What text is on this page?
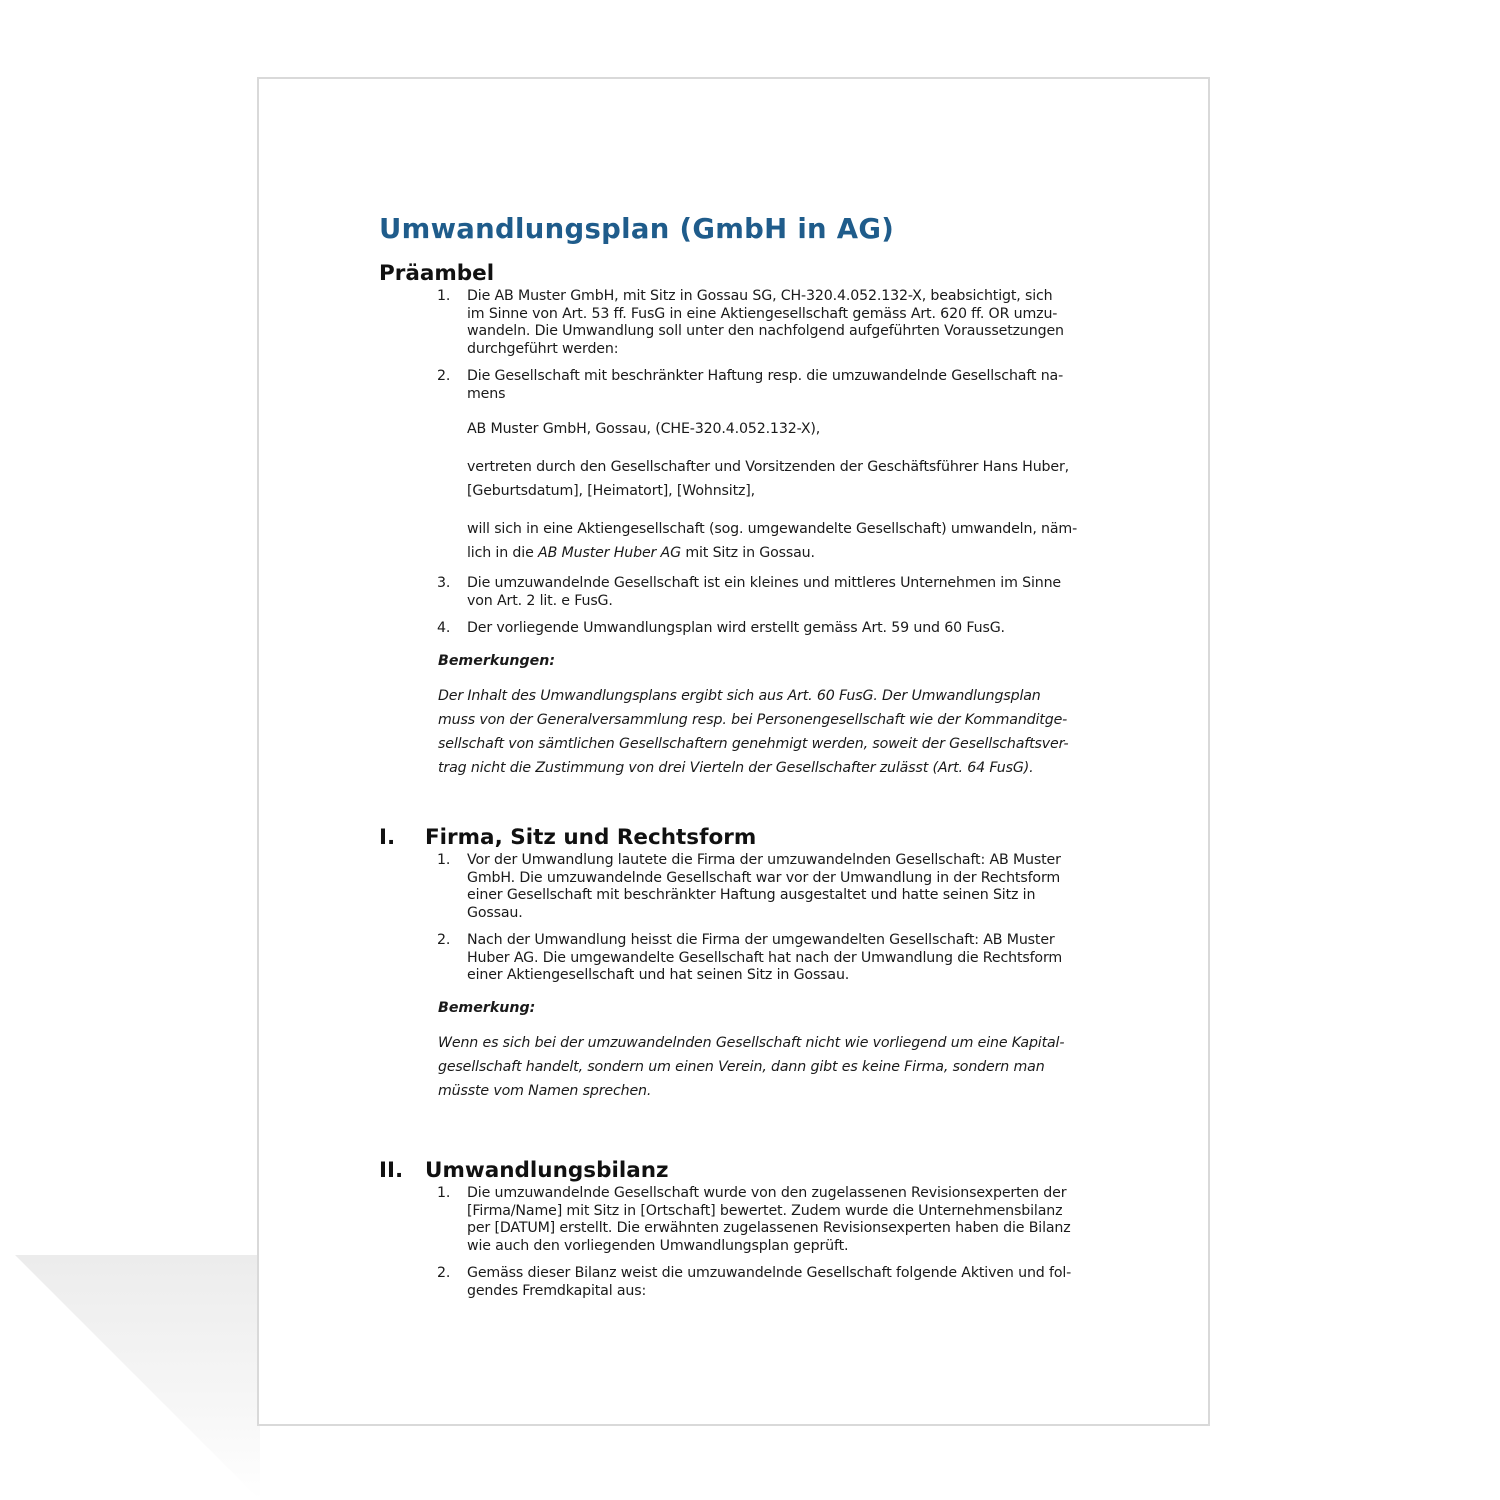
Umwandlungsplan (GmbH in AG)
Präambel
1. Die AB Muster GmbH, mit Sitz in Gossau SG, CH-320.4.052.132-X, beabsichtigt, sich
im Sinne von Art. 53 ff. FusG in eine Aktiengesellschaft gemäss Art. 620 ff. OR umzu-
wandeln. Die Umwandlung soll unter den nachfolgend aufgeführten Voraussetzungen
durchgeführt werden:
2. Die Gesellschaft mit beschränkter Haftung resp. die umzuwandelnde Gesellschaft na-
mens
AB Muster GmbH, Gossau, (CHE-320.4.052.132-X),
vertreten durch den Gesellschafter und Vorsitzenden der Geschäftsführer Hans Huber,
[Geburtsdatum], [Heimatort], [Wohnsitz],
will sich in eine Aktiengesellschaft (sog. umgewandelte Gesellschaft) umwandeln, näm-
lich in die AB Muster Huber AG mit Sitz in Gossau.
3. Die umzuwandelnde Gesellschaft ist ein kleines und mittleres Unternehmen im Sinne
von Art. 2 lit. e FusG.
4. Der vorliegende Umwandlungsplan wird erstellt gemäss Art. 59 und 60 FusG.
Bemerkungen:
Der Inhalt des Umwandlungsplans ergibt sich aus Art. 60 FusG. Der Umwandlungsplan
muss von der Generalversammlung resp. bei Personengesellschaft wie der Kommanditge-
sellschaft von sämtlichen Gesellschaftern genehmigt werden, soweit der Gesellschaftsver-
trag nicht die Zustimmung von drei Vierteln der Gesellschafter zulässt (Art. 64 FusG).
I.	Firma, Sitz und Rechtsform
1. Vor der Umwandlung lautete die Firma der umzuwandelnden Gesellschaft: AB Muster
GmbH. Die umzuwandelnde Gesellschaft war vor der Umwandlung in der Rechtsform
einer Gesellschaft mit beschränkter Haftung ausgestaltet und hatte seinen Sitz in
Gossau.
2. Nach der Umwandlung heisst die Firma der umgewandelten Gesellschaft: AB Muster
Huber AG. Die umgewandelte Gesellschaft hat nach der Umwandlung die Rechtsform
einer Aktiengesellschaft und hat seinen Sitz in Gossau.
Bemerkung:
Wenn es sich bei der umzuwandelnden Gesellschaft nicht wie vorliegend um eine Kapital-
gesellschaft handelt, sondern um einen Verein, dann gibt es keine Firma, sondern man
müsste vom Namen sprechen.
II.	Umwandlungsbilanz
1. Die umzuwandelnde Gesellschaft wurde von den zugelassenen Revisionsexperten der
[Firma/Name] mit Sitz in [Ortschaft] bewertet. Zudem wurde die Unternehmensbilanz
per [DATUM] erstellt. Die erwähnten zugelassenen Revisionsexperten haben die Bilanz
wie auch den vorliegenden Umwandlungsplan geprüft.
2. Gemäss dieser Bilanz weist die umzuwandelnde Gesellschaft folgende Aktiven und fol-
gendes Fremdkapital aus:
